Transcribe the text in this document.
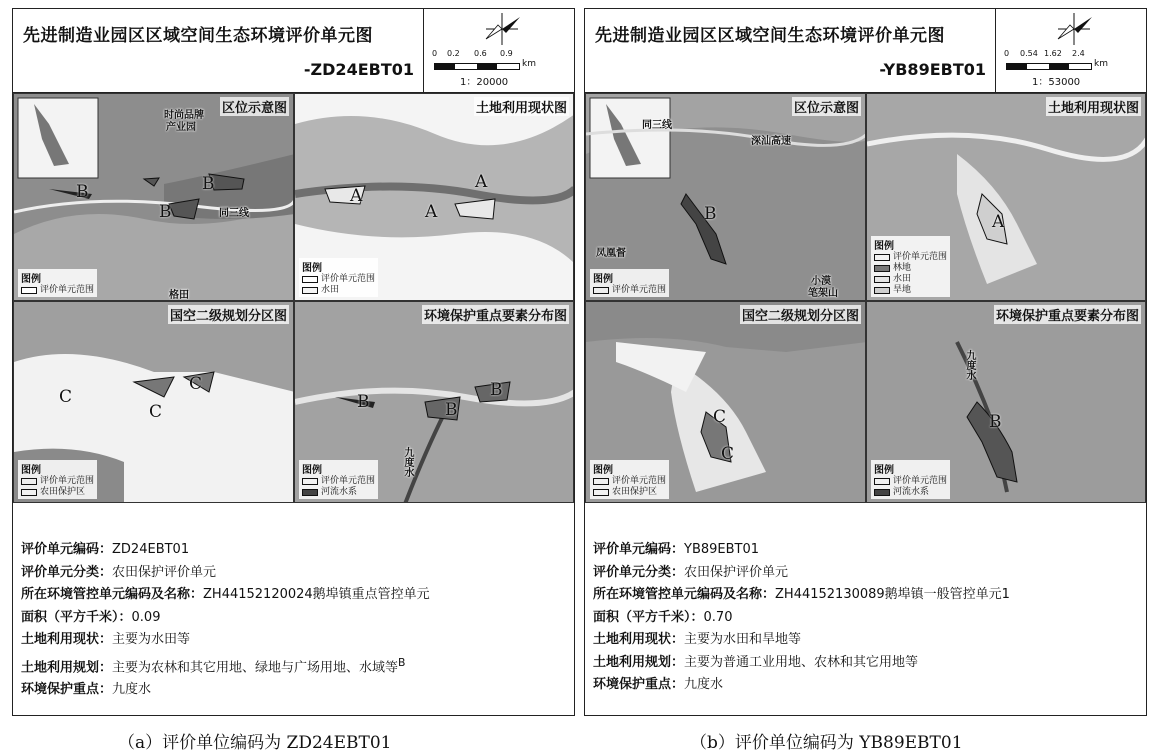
先进制造业园区区域空间生态环境评价单元图
-ZD24EBT01
0 0.2 0.6 0.9
km
1：20000
区位示意图
时尚品牌
产业园
同三线
格田
B
B
B
图例
评价单元范围
土地利用现状图
A
A
A
图例
评价单元范围
水田
国空二级规划分区图
C
C
C
图例
评价单元范围
农田保护区
环境保护重点要素分布图
B	B
B
九度水
图例
评价单元范围
河流水系
评价单元编码：ZD24EBT01
评价单元分类：农田保护评价单元
所在环境管控单元编码及名称：ZH44152120024鹅埠镇重点管控单元
面积（平方千米）：0.09
土地利用现状：主要为水田等
土地利用规划：主要为农林和其它用地、绿地与广场用地、水域等$^B$
环境保护重点：九度水
先进制造业园区区域空间生态环境评价单元图
-YB89EBT01
0 0.54 1.62 2.4
km
1：53000
区位示意图
同三线
深汕高速
凤凰督
小漠
笔架山
B
图例
评价单元范围
土地利用现状图
A
图例
评价单元范围
林地
水田
旱地
国空二级规划分区图
C
C
图例
评价单元范围
农田保护区
环境保护重点要素分布图
B
九度水
图例
评价单元范围
河流水系
评价单元编码：YB89EBT01
评价单元分类：农田保护评价单元
所在环境管控单元编码及名称：ZH44152130089鹅埠镇一般管控单元1
面积（平方千米）：0.70
土地利用现状：主要为水田和旱地等
土地利用规划：主要为普通工业用地、农林和其它用地等
环境保护重点：九度水
（a）评价单位编码为 ZD24EBT01	（b）评价单位编码为 YB89EBT01
